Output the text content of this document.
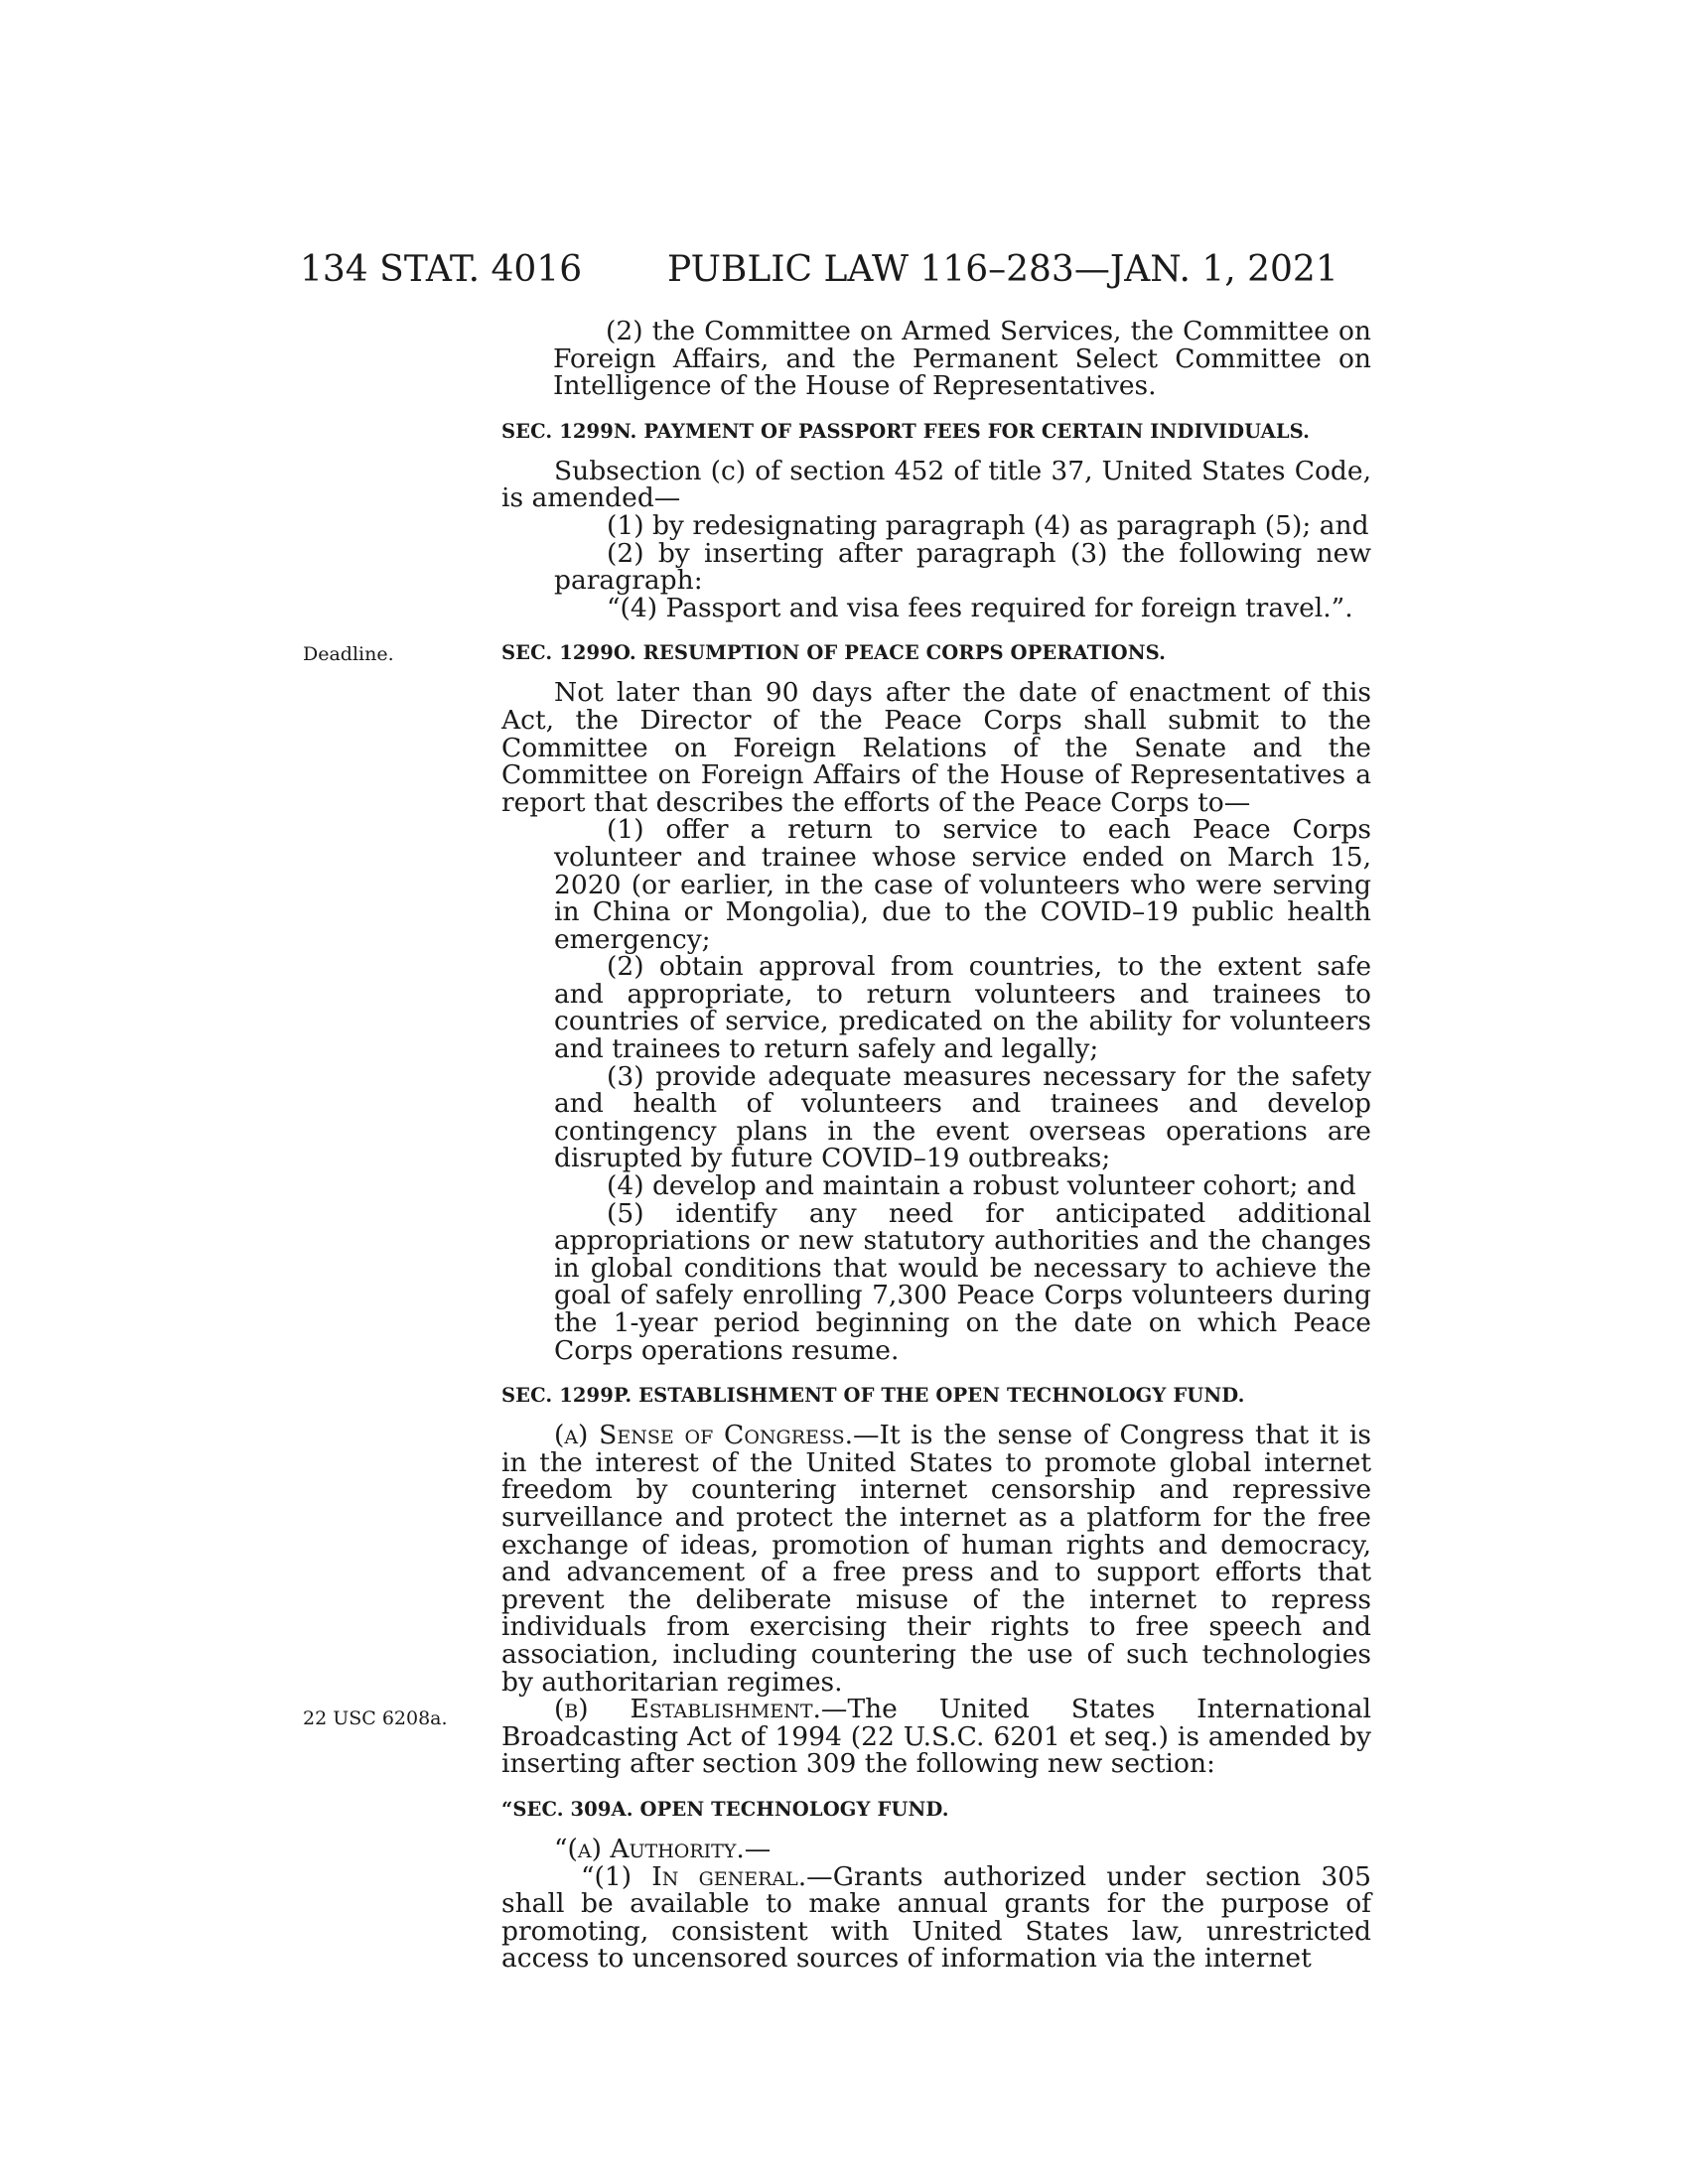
134 STAT. 4016 PUBLIC LAW 116–283—JAN. 1, 2021
Deadline.
22 USC 6208a.

(2) the Committee on Armed Services, the Committee on Foreign Affairs, and the Permanent Select Committee on Intelligence of the House of Representatives.

SEC. 1299N. PAYMENT OF PASSPORT FEES FOR CERTAIN INDIVIDUALS.

Subsection (c) of section 452 of title 37, United States Code, is amended—

(1) by redesignating paragraph (4) as paragraph (5); and

(2) by inserting after paragraph (3) the following new paragraph:

“(4) Passport and visa fees required for foreign travel.”.

SEC. 1299O. RESUMPTION OF PEACE CORPS OPERATIONS.

Not later than 90 days after the date of enactment of this Act, the Director of the Peace Corps shall submit to the Committee on Foreign Relations of the Senate and the Committee on Foreign Affairs of the House of Representatives a report that describes the efforts of the Peace Corps to—

(1) offer a return to service to each Peace Corps volunteer and trainee whose service ended on March 15, 2020 (or earlier, in the case of volunteers who were serving in China or Mongolia), due to the COVID–19 public health emergency;

(2) obtain approval from countries, to the extent safe and appropriate, to return volunteers and trainees to countries of service, predicated on the ability for volunteers and trainees to return safely and legally;

(3) provide adequate measures necessary for the safety and health of volunteers and trainees and develop contingency plans in the event overseas operations are disrupted by future COVID–19 outbreaks;

(4) develop and maintain a robust volunteer cohort; and

(5) identify any need for anticipated additional appropriations or new statutory authorities and the changes in global conditions that would be necessary to achieve the goal of safely enrolling 7,300 Peace Corps volunteers during the 1-year period beginning on the date on which Peace Corps operations resume.

SEC. 1299P. ESTABLISHMENT OF THE OPEN TECHNOLOGY FUND.

(a) Sense of Congress.—It is the sense of Congress that it is in the interest of the United States to promote global internet freedom by countering internet censorship and repressive surveillance and protect the internet as a platform for the free exchange of ideas, promotion of human rights and democracy, and advancement of a free press and to support efforts that prevent the deliberate misuse of the internet to repress individuals from exercising their rights to free speech and association, including countering the use of such technologies by authoritarian regimes.

(b) Establishment.—The United States International Broadcasting Act of 1994 (22 U.S.C. 6201 et seq.) is amended by inserting after section 309 the following new section:

“SEC. 309A. OPEN TECHNOLOGY FUND.

“(a) Authority.—

“(1) In general.—Grants authorized under section 305 shall be available to make annual grants for the purpose of promoting, consistent with United States law, unrestricted access to uncensored sources of information via the internet
